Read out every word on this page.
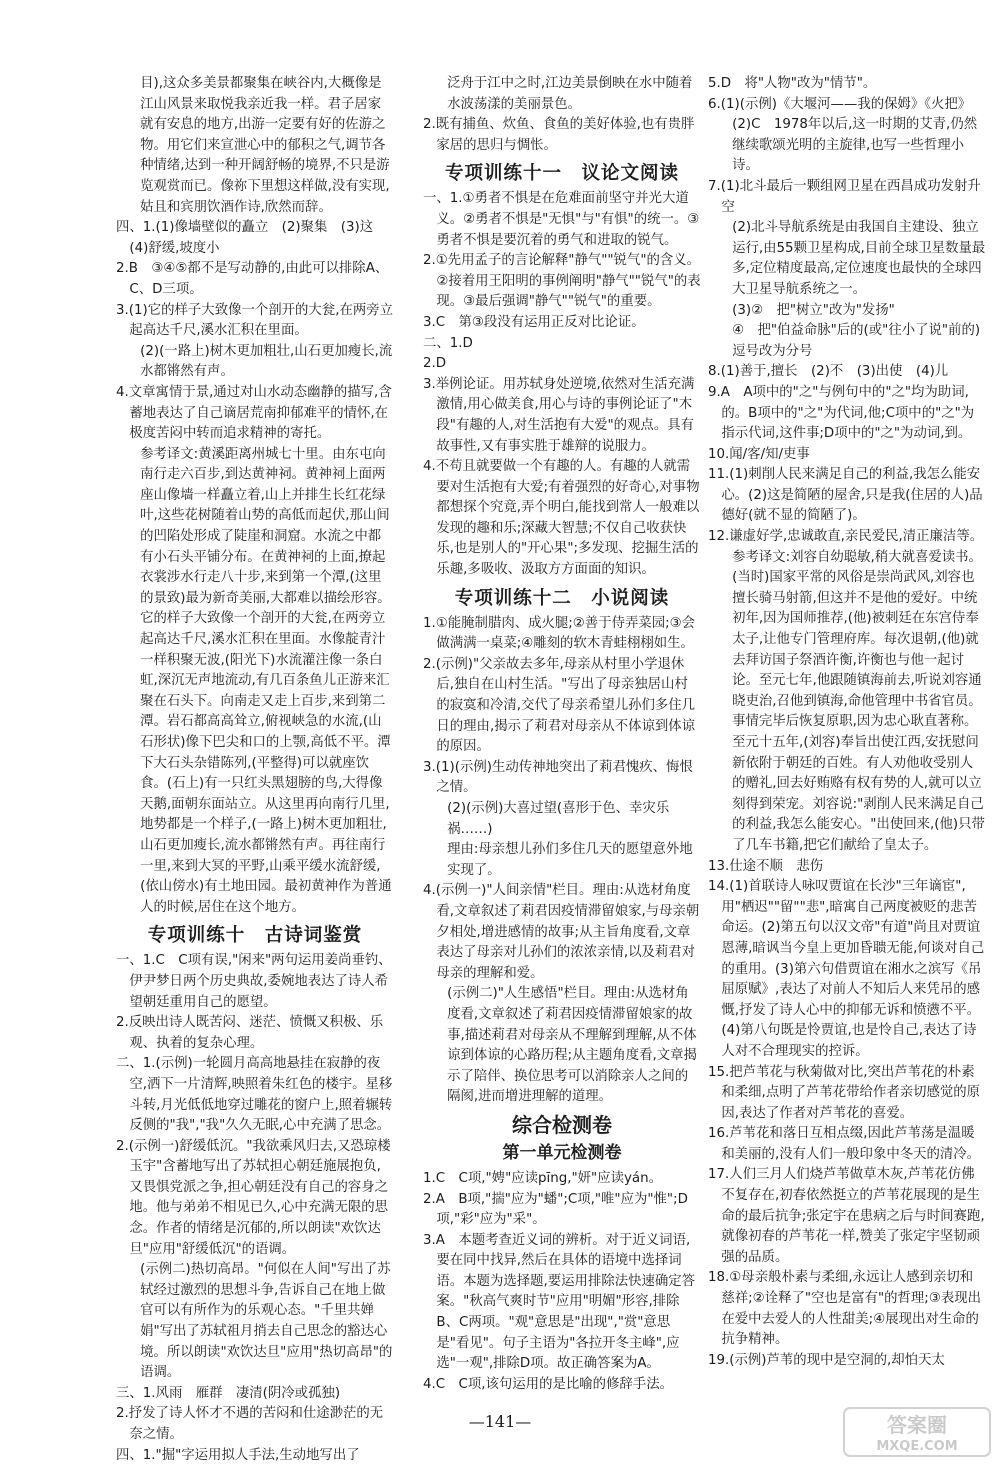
目),这众多美景都聚集在峡谷内,大概像是江山风景来取悦我亲近我一样。君子居家就有安息的地方,出游一定要有好的佐游之物。用它们来宣泄心中的郁积之气,调节各种情绪,达到一种开阔舒畅的境界,不只是游览观赏而已。像祢下里想这样做,没有实现,姑且和宾朋饮酒作诗,欣然而辞。

四、1.(1)像墙壁似的矗立　(2)聚集　(3)这　(4)舒缓,坡度小

2.B　③④⑤都不是写动静的,由此可以排除A、C、D三项。

3.(1)它的样子大致像一个剖开的大瓮,在两旁立起高达千尺,溪水汇积在里面。

(2)(一路上)树木更加粗壮,山石更加瘦长,流水都锵然有声。

4.文章寓情于景,通过对山水动态幽静的描写,含蓄地表达了自己谪居荒南抑郁难平的情怀,在极度苦闷中转而追求精神的寄托。

参考译文:黄溪距离州城七十里。由东屯向南行走六百步,到达黄神祠。黄神祠上面两座山像墙一样矗立着,山上并排生长红花绿叶,这些花树随着山势的高低而起伏,那山间的凹陷处形成了陡崖和洞窟。水流之中都有小石头平铺分布。在黄神祠的上面,撩起衣裳涉水行走八十步,来到第一个潭,(这里的景致)最为新奇美丽,大都难以描绘形容。它的样子大致像一个剖开的大瓮,在两旁立起高达千尺,溪水汇积在里面。水像靛青汁一样积聚无波,(阳光下)水流灌注像一条白虹,深沉无声地流动,有几百条鱼儿正游来汇聚在石头下。向南走又走上百步,来到第二潭。岩石都高高耸立,俯视峡急的水流,(山石形状)像下巴尖和口的上颚,高低不平。潭下大石头杂错陈列,(平整得)可以就座饮食。(石上)有一只红头黑翅膀的鸟,大得像天鹅,面朝东面站立。从这里再向南行几里,地势都是一个样子,(一路上)树木更加粗壮,山石更加瘦长,流水都锵然有声。再往南行一里,来到大冥的平野,山乘平缓水流舒缓,(依山傍水)有土地田园。最初黄神作为普通人的时候,居住在这个地方。

专项训练十　古诗词鉴赏

一、1.C　C项有误,"闲来"两句运用姜尚垂钓、伊尹梦日两个历史典故,委婉地表达了诗人希望朝廷重用自己的愿望。

2.反映出诗人既苦闷、迷茫、愤慨又积极、乐观、执着的复杂心理。

二、1.(示例)一轮圆月高高地悬挂在寂静的夜空,洒下一片清辉,映照着朱红色的楼宇。星移斗转,月光低低地穿过雕花的窗户上,照着辗转反侧的"我","我"久久无眠,心中充满了思念。

2.(示例一)舒缓低沉。"我欲乘风归去,又恐琼楼玉宇"含蓄地写出了苏轼担心朝廷施展抱负,又畏惧党派之争,担心朝廷没有自己的容身之地。他与弟弟不相见已久,心中充满无限的思念。作者的情绪是沉郁的,所以朗读"欢饮达旦"应用"舒缓低沉"的语调。

(示例二)热切高昂。"何似在人间"写出了苏轼经过激烈的思想斗争,告诉自己在地上做官可以有所作为的乐观心态。"千里共婵娟"写出了苏轼祖月捎去自己思念的豁达心境。所以朗读"欢饮达旦"应用"热切高昂"的语调。

三、1.风雨　雁群　凄清(阴冷或孤独)

2.抒发了诗人怀才不遇的苦闷和仕途渺茫的无奈之情。

四、1."掘"字运用拟人手法,生动地写出了

泛舟于江中之时,江边美景倒映在水中随着水波荡漾的美丽景色。

2.既有捕鱼、炊鱼、食鱼的美好体验,也有贵胖家居的思归与惆怅。

专项训练十一　议论文阅读

一、1.①勇者不惧是在危难面前坚守并光大道义。②勇者不惧是"无惧"与"有惧"的统一。③勇者不惧是要沉着的勇气和进取的锐气。

2.①先用孟子的言论解释"静气""锐气"的含义。②接着用王阳明的事例阐明"静气""锐气"的表现。③最后强调"静气""锐气"的重要。

3.C　第③段没有运用正反对比论证。

二、1.D

2.D

3.举例论证。用苏轼身处逆境,依然对生活充满激情,用心做美食,用心与诗的事例论证了"木段"有趣的人,对生活抱有大爱"的观点。具有故事性,又有事实胜于雄辩的说服力。

4.不苟且就要做一个有趣的人。有趣的人就需要对生活抱有大爱;有着强烈的好奇心,对事物都想探个究竟,弄个明白,能找到常人一般难以发现的趣和乐;深藏大智慧;不仅自己收获快乐,也是别人的"开心果";多发现、挖掘生活的乐趣,多吸收、汲取方方面面的知识。

专项训练十二　小说阅读

1.①能腌制腊肉、成火腿;②善于侍弄菜园;③会做满满一桌菜;④雕刻的软木青蛙栩栩如生。

2.(示例)"父亲故去多年,母亲从村里小学退休后,独自在山村生活。"写出了母亲独居山村的寂寞和冷清,交代了母亲希望儿孙们多住几日的理由,揭示了莉君对母亲从不体谅到体谅的原因。

3.(1)(示例)生动传神地突出了莉君愧疚、悔恨之情。

(2)(示例)大喜过望(喜形于色、幸灾乐祸……)

理由:母亲想儿孙们多住几天的愿望意外地实现了。

4.(示例一)"人间亲情"栏目。理由:从选材角度看,文章叙述了莉君因疫情滞留娘家,与母亲朝夕相处,增进感情的故事;从主旨角度看,文章表达了母亲对儿孙们的浓浓亲情,以及莉君对母亲的理解和爱。

(示例二)"人生感悟"栏目。理由:从选材角度看,文章叙述了莉君因疫情滞留娘家的故事,描述莉君对母亲从不理解到理解,从不体谅到体谅的心路历程;从主题角度看,文章揭示了陪伴、换位思考可以消除亲人之间的隔阂,进而增进理解的道理。

综合检测卷
第一单元检测卷

1.C　C项,"娉"应读pīng,"妍"应读yán。

2.A　B项,"揣"应为"蟠";C项,"唯"应为"惟";D项,"彩"应为"采"。

3.A　本题考查近义词的辨析。对于近义词语,要在同中找异,然后在具体的语境中选择词语。本题为选择题,要运用排除法快速确定答案。"秋高气爽时节"应用"明媚"形容,排除B、C两项。"观"意思是"出现","赏"意思是"看见"。句子主语为"各拉开冬主峰",应选"一观",排除D项。故正确答案为A。

4.C　C项,该句运用的是比喻的修辞手法。

5.D　将"人物"改为"情节"。

6.(1)(示例)《大堰河——我的保姆》《火把》

(2)C　1978年以后,这一时期的艾青,仍然继续歌颂光明的主旋律,也写一些哲理小诗。

7.(1)北斗最后一颗组网卫星在西昌成功发射升空

(2)北斗导航系统是由我国自主建设、独立运行,由55颗卫星构成,目前全球卫星数量最多,定位精度最高,定位速度也最快的全球四大卫星导航系统之一。

(3)②　把"树立"改为"发扬"

④　把"伯益命脉"后的(或"往小了说"前的)逗号改为分号

8.(1)善于,擅长　(2)不　(3)出使　(4)儿

9.A　A项中的"之"与例句中的"之"均为助词,的。B项中的"之"为代词,他;C项中的"之"为指示代词,这件事;D项中的"之"为动词,到。

10.闻/客/知/吏事

11.(1)刺削人民来满足自己的利益,我怎么能安心。(2)这是简陋的屋舍,只是我(住居的人)品德好(就不显的简陋了)。

12.谦虚好学,忠诚敢直,亲民爱民,清正廉洁等。

参考译文:刘容自幼聪敏,稍大就喜爱读书。(当时)国家平常的风俗是崇尚武风,刘容也擅长骑马射箭,但这并不是他的爱好。中统初年,因为国师推荐,(他)被刺廷在东宫侍奉太子,让他专门管理府库。每次退朝,(他)就去拜访国子祭酒许衡,许衡也与他一起讨论。至元七年,他跟随镇海前去,听说刘容通晓吏治,召他到镇海,命他管理中书省官员。事情完毕后恢复原职,因为忠心耿直著称。至元十五年,(刘容)奉旨出使江西,安抚慰问新依附于朝廷的百姓。有人劝他收受别人的赠礼,回去好贿赂有权有势的人,就可以立刻得到荣宠。刘容说:"剥削人民来满足自己的利益,我怎么能安心。"出使回来,(他)只带了几车书籍,把它们献给了皇太子。

13.仕途不顺　悲伤

14.(1)首联诗人咏叹贾谊在长沙"三年谪宦",用"栖迟""留""悲",暗寓自己两度被贬的悲苦命运。(2)第五句以汉文帝"有道"尚且对贾谊恩薄,暗讽当今皇上更加昏聩无能,何谈对自己的重用。(3)第六句借贾谊在湘水之滨写《吊屈原赋》,表达了对前人不知后人来凭吊的感慨,抒发了诗人心中的抑郁无诉和愤懑不平。(4)第八句既是怜贾谊,也是怜自己,表达了诗人对不合理现实的控诉。

15.把芦苇花与秋菊做对比,突出芦苇花的朴素和柔细,点明了芦苇花带给作者亲切感觉的原因,表达了作者对芦苇花的喜爱。

16.芦苇花和落日互相点缀,因此芦苇荡是温暖和美丽的,没有人们一般印象中冬天的清冷。

17.人们三月人们烧芦苇做草木灰,芦苇花仿佛不复存在,初春依然挺立的芦苇花展现的是生命的最后抗争;张定宇在患病之后与时间赛跑,就像初春的芦苇花一样,赞美了张定宇坚韧顽强的品质。

18.①母亲般朴素与柔细,永远让人感到亲切和慈祥;②诠释了"空也是富有"的哲理;③表现出在爱中去爱人的人性甜美;④展现出对生命的抗争精神。

19.(示例)芦苇的现中是空洞的,却怕天太

—141—	答案圈
MXQE.COM
